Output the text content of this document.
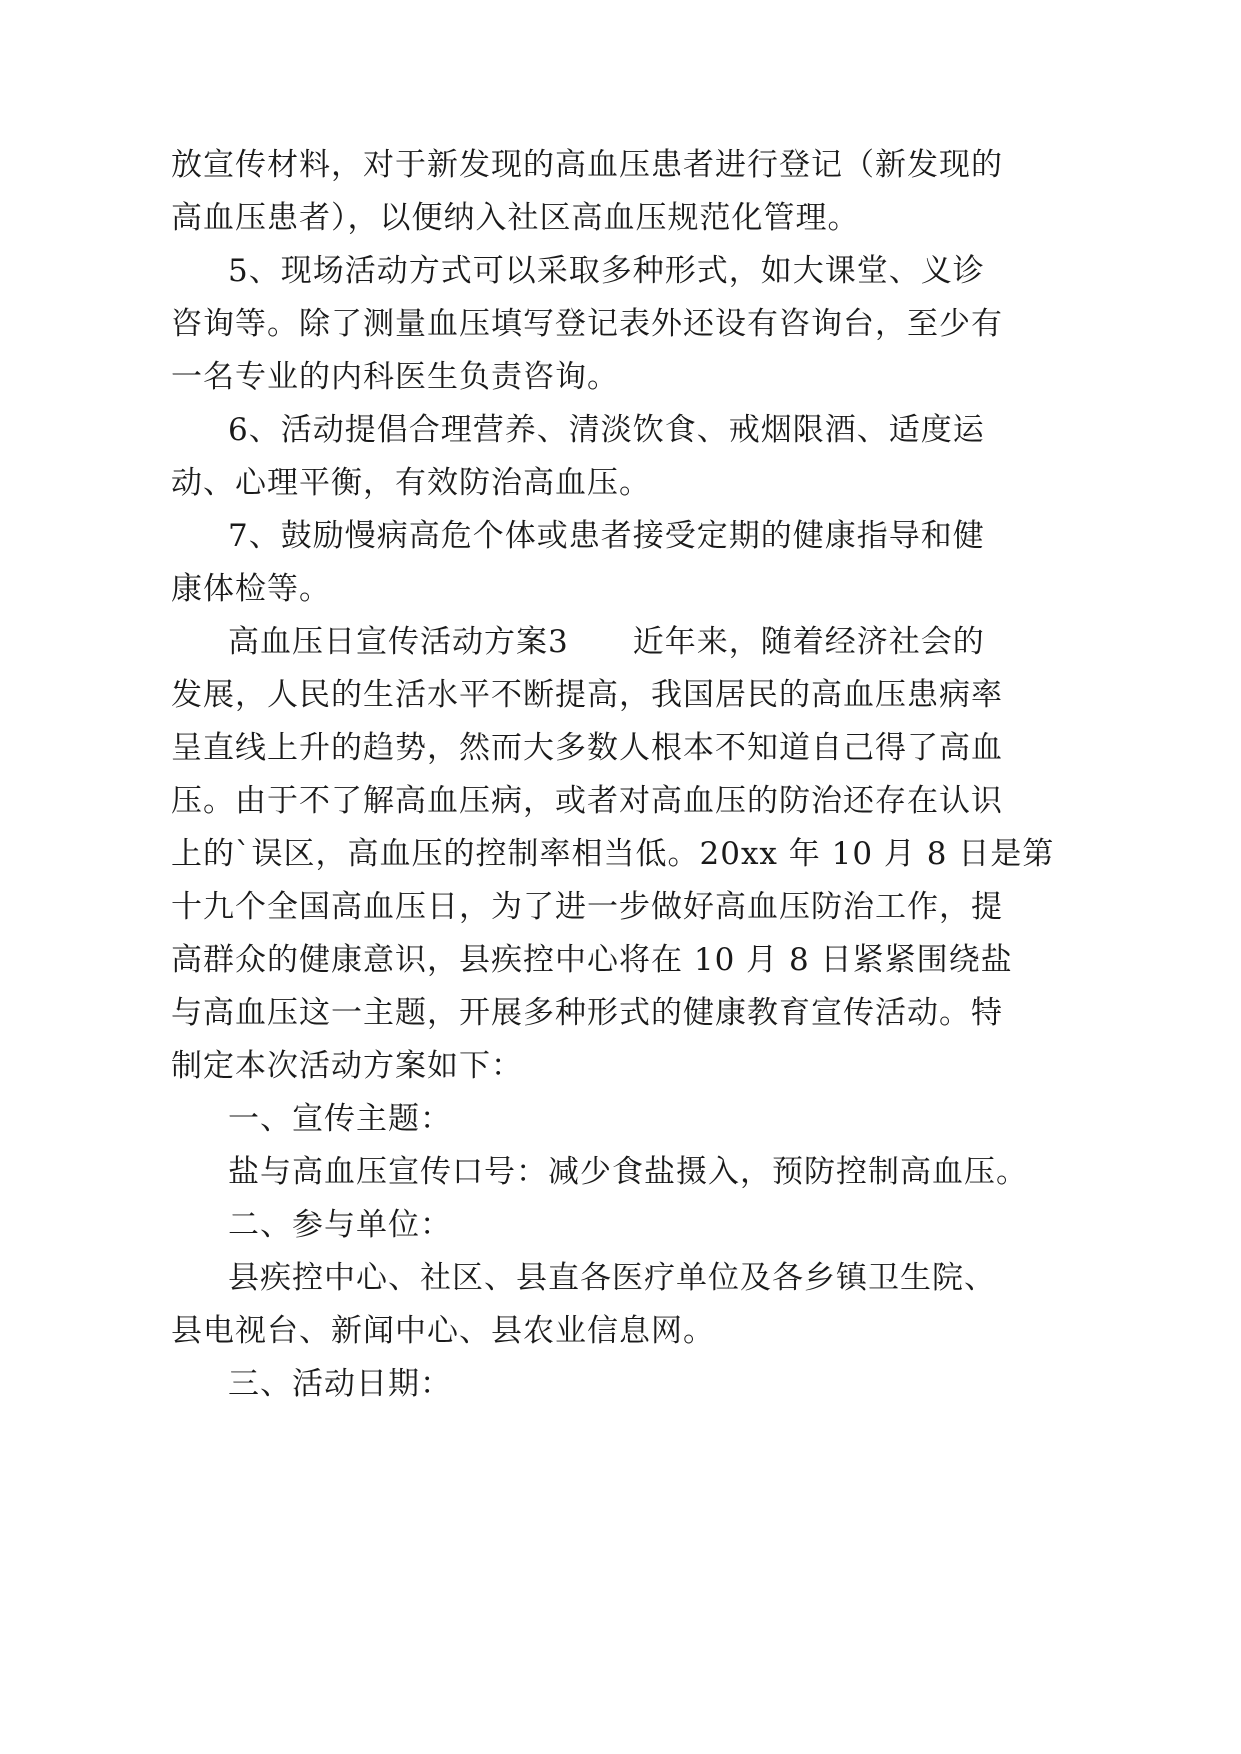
放宣传材料，对于新发现的高血压患者进行登记（新发现的
高血压患者），以便纳入社区高血压规范化管理。
5、现场活动方式可以采取多种形式，如大课堂、义诊
咨询等。除了测量血压填写登记表外还设有咨询台，至少有
一名专业的内科医生负责咨询。
6、活动提倡合理营养、清淡饮食、戒烟限酒、适度运
动、心理平衡，有效防治高血压。
7、鼓励慢病高危个体或患者接受定期的健康指导和健
康体检等。
高血压日宣传活动方案3　　近年来，随着经济社会的
发展，人民的生活水平不断提高，我国居民的高血压患病率
呈直线上升的趋势，然而大多数人根本不知道自己得了高血
压。由于不了解高血压病，或者对高血压的防治还存在认识
上的`误区，高血压的控制率相当低。20xx 年 10 月 8 日是第
十九个全国高血压日，为了进一步做好高血压防治工作，提
高群众的健康意识，县疾控中心将在 10 月 8 日紧紧围绕盐
与高血压这一主题，开展多种形式的健康教育宣传活动。特
制定本次活动方案如下：
一、宣传主题：
盐与高血压宣传口号：减少食盐摄入，预防控制高血压。
二、参与单位：
县疾控中心、社区、县直各医疗单位及各乡镇卫生院、
县电视台、新闻中心、县农业信息网。
三、活动日期：
